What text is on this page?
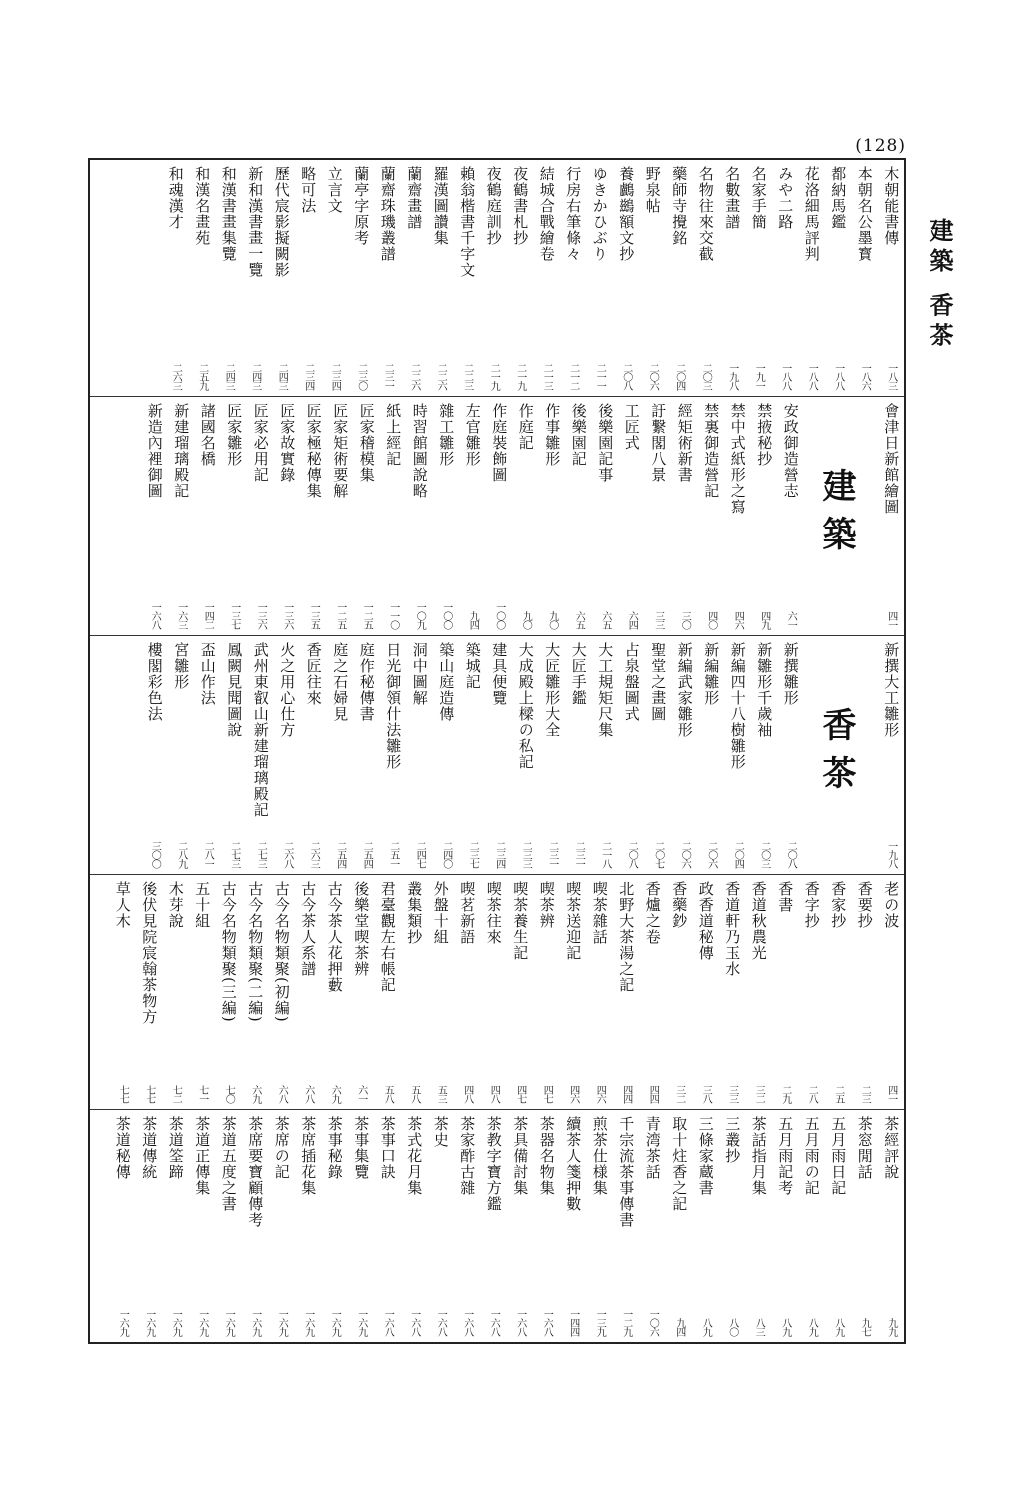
(128)
建築 香茶
木朝能書傳
一八三
本朝名公墨寳
一八六
都納馬鑑
一八八
花洛細馬評判
一八八
みや二路
一八八
名家手簡
一九一
名數畫譜
一九八
名物往來交截
二〇三
藥師寺攪銘
二〇四
野泉帖
二〇六
養鸕鷀額文抄
二〇八
ゆきかひぶり
二一一
行房右筆條々
二一二
結城合戰繪卷
二一三
夜鶴書札抄
二一九
夜鶴庭訓抄
二一九
賴翁楷書千字文
二二三
羅漢圖讚集
二二六
蘭齋畫譜
二二六
蘭齋珠璣叢譜
二三一
蘭亭字原考
二三〇
立言文
二三四
略可法
二三四
歷代宸影擬闕影
二四三
新和漢書畫一覽
二四三
和漢書畫集覽
二四三
和漢名畫苑
二五九
和魂漢才
二六三
會津日新館繪圖
四一
建築
安政御造營志
六一
禁掖秘抄
四九
禁中式紙形之寫
四六
禁裏御造營記
四〇
經矩術新書
三〇
訏繋閣八景
三三
工匠式
六四
後樂園記事
六五
後樂園記
六五
作事雛形
九〇
作庭記
九〇
作庭裝飾圖
一〇〇
左官雛形
九四
雜工雛形
一〇〇
時習館圖說略
一〇九
紙上經記
一一〇
匠家稽模集
一二五
匠家矩術要解
一二五
匠家極秘傳集
一三五
匠家故實錄
一三六
匠家必用記
一三六
匠家雛形
一三七
諸國名橋
一四二
新建瑠璃殿記
一六三
新造內裡御圖
一六八
新撰大工雛形
一九八
香茶
新撰雛形
二〇八
新雛形千歲袖
二〇三
新編四十八樹雛形
二〇四
新編雛形
二〇六
新編武家雛形
二〇六
聖堂之畫圖
二〇七
占泉盤圖式
二〇八
大工規矩尺集
二一八
大匠手鑑
二三一
大匠雛形大全
二三一
大成殿上樑の私記
二三三
建具便覽
二三四
築城記
二三七
築山庭造傳
二四〇
洞中圖解
二四七
日光御領什法雛形
二五一
庭作秘傳書
二五四
庭之石婦見
二五四
香匠往來
二六三
火之用心仕方
二六八
武州東叡山新建瑠璃殿記
二七三
鳳闕見聞圖說
二七三
盃山作法
二八一
宮雛形
二八九
樓閣彩色法
三〇〇
老の波
四一
香要抄
二三
香家抄
二五
香字抄
二八
香書
二九
香道秋農光
三二
香道軒乃玉水
三三
政香道秘傳
三八
香藥鈔
三二
香爐之卷
四四
北野大茶湯之記
四四
喫茶雜話
四六
喫茶送迎記
四六
喫茶辨
四七
喫茶養生記
四七
喫茶往來
四八
喫茗新語
四八
外盤十組
五三
叢集類抄
五八
君臺觀左右帳記
五八
後樂堂喫茶辨
六一
古今茶人花押藪
六九
古今茶人系譜
六八
古今名物類聚(初編)
六八
古今名物類聚(二編)
六九
古今名物類聚(三編)
七〇
五十組
七一
木芽說
七二
後伏見院宸翰茶物方
七七
草人木
七七
茶經評說
九九
茶窓閒話
九七
五月雨日記
八九
五月雨の記
八九
五月雨記考
八九
茶話指月集
八三
三叢抄
八〇
三條家蔵書
八九
取十炷香之記
九四
青湾茶話
一〇六
千宗流茶事傳書
一二九
煎茶仕様集
一三九
續茶人箋押數
一四四
茶器名物集
一六八
茶具備討集
一六八
茶教字寶方鑑
一六八
茶家酢古雜
一六八
茶史
一六八
茶式花月集
一六八
茶事口訣
一六八
茶事集覽
一六九
茶事秘錄
一六九
茶席插花集
一六九
茶席の記
一六九
茶席要寶顧傳考
一六九
茶道五度之書
一六九
茶道正傳集
一六九
茶道筌蹄
一六九
茶道傳統
一六九
茶道秘傳
一六九
